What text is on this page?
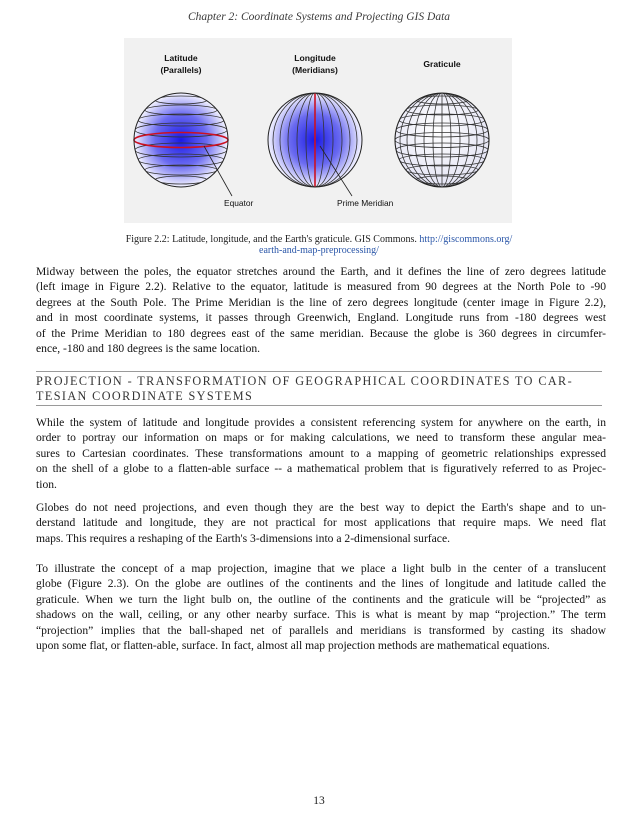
Chapter 2: Coordinate Systems and Projecting GIS Data
Latitude
(Parallels)
Longitude
(Meridians)
Graticule
Equator	Prime Meridian
Figure 2.2: Latitude, longitude, and the Earth's graticule. GIS Commons. http://giscommons.org/
earth-and-map-preprocessing/
Midway between the poles, the equator stretches around the Earth, and it defines the line of zero degrees latitude
(left image in Figure 2.2). Relative to the equator, latitude is measured from 90 degrees at the North Pole to -90
degrees at the South Pole. The Prime Meridian is the line of zero degrees longitude (center image in Figure 2.2),
and in most coordinate systems, it passes through Greenwich, England. Longitude runs from -180 degrees west
of the Prime Meridian to 180 degrees east of the same meridian. Because the globe is 360 degrees in circumfer-
ence, -180 and 180 degrees is the same location.
PROJECTION - TRANSFORMATION OF GEOGRAPHICAL COORDINATES TO CAR-
TESIAN COORDINATE SYSTEMS
While the system of latitude and longitude provides a consistent referencing system for anywhere on the earth, in
order to portray our information on maps or for making calculations, we need to transform these angular mea-
sures to Cartesian coordinates. These transformations amount to a mapping of geometric relationships expressed
on the shell of a globe to a flatten-able surface -- a mathematical problem that is figuratively referred to as Projec-
tion.
Globes do not need projections, and even though they are the best way to depict the Earth's shape and to un-
derstand latitude and longitude, they are not practical for most applications that require maps. We need flat
maps. This requires a reshaping of the Earth's 3-dimensions into a 2-dimensional surface.
To illustrate the concept of a map projection, imagine that we place a light bulb in the center of a translucent
globe (Figure 2.3). On the globe are outlines of the continents and the lines of longitude and latitude called the
graticule. When we turn the light bulb on, the outline of the continents and the graticule will be “projected” as
shadows on the wall, ceiling, or any other nearby surface. This is what is meant by map “projection.” The term
“projection” implies that the ball-shaped net of parallels and meridians is transformed by casting its shadow
upon some flat, or flatten-able, surface. In fact, almost all map projection methods are mathematical equations.
13
